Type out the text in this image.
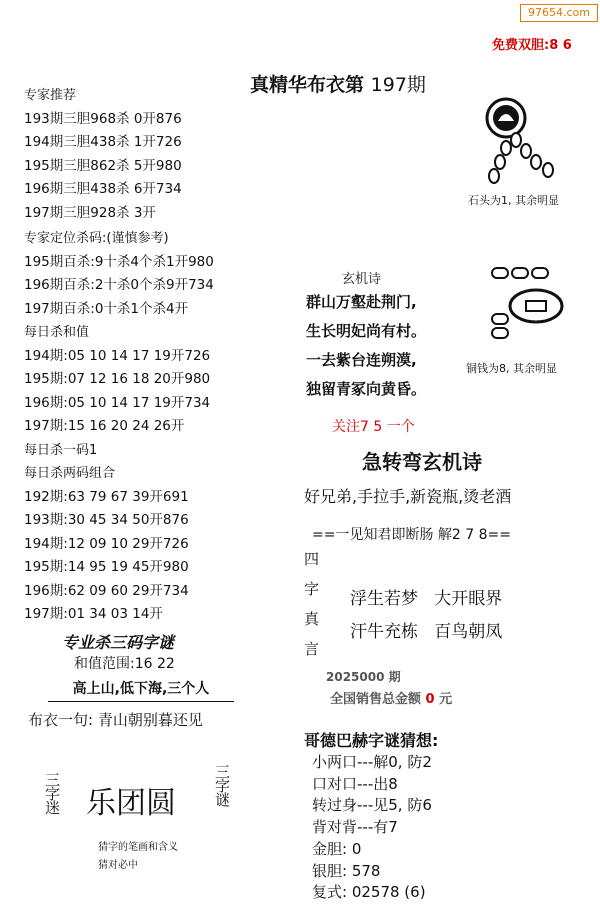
97654.com
免费双胆:8 6
真精华布衣第 197期
专家推荐
193期三胆968杀 0开876
194期三胆438杀 1开726
195期三胆862杀 5开980
196期三胆438杀 6开734
197期三胆928杀 3开
专家定位杀码:(谨慎参考)
195期百杀:9十杀4个杀1开980
196期百杀:2十杀0个杀9开734
197期百杀:0十杀1个杀4开
每日杀和值
194期:05 10 14 17 19开726
195期:07 12 16 18 20开980
196期:05 10 14 17 19开734
197期:15 16 20 24 26开
每日杀一码1
每日杀两码组合
192期:63 79 67 39开691
193期:30 45 34 50开876
194期:12 09 10 29开726
195期:14 95 19 45开980
196期:62 09 60 29开734
197期:01 34 03 14开
专业杀三码字谜
和值范围:16 22
高上山,低下海,三个人
布衣一句: 青山朝别暮还见
三字迷 乐团圆 三字谜
猜字的笔画和含义
猜对必中
石头为1, 其余明显
铜钱为8, 其余明显
玄机诗
群山万壑赴荆门,
生长明妃尚有村。
一去紫台连朔漠,
独留青冢向黄昏。
关注7 5 一个
急转弯玄机诗
好兄弟,手拉手,新瓷瓶,烫老酒
==一见知君即断肠 解2 7 8==
四字真言
浮生若梦   大开眼界
汗牛充栋   百鸟朝凤
2025000 期
全国销售总金额 0 元
哥德巴赫字谜猜想:
小两口---解0, 防2
口对口---出8
转过身---见5, 防6
背对背---有7
金胆: 0
银胆: 578
复式: 02578 (6)
